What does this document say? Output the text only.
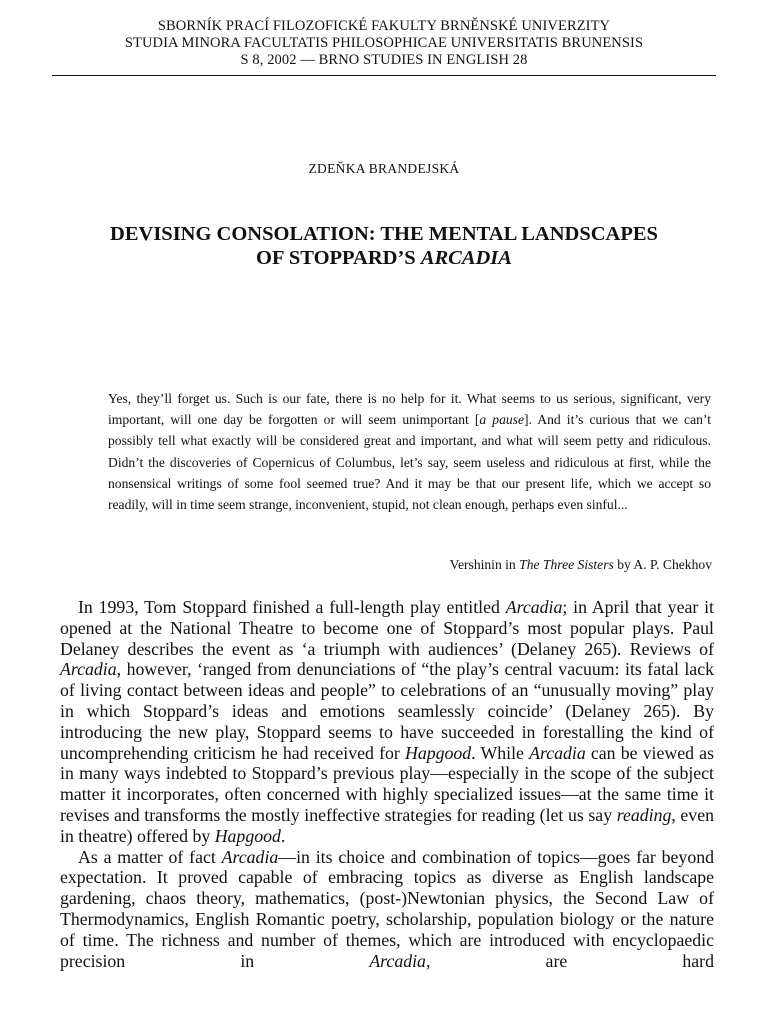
SBORNÍK PRACÍ FILOZOFICKÉ FAKULTY BRNĚNSKÉ UNIVERZITY
STUDIA MINORA FACULTATIS PHILOSOPHICAE UNIVERSITATIS BRUNENSIS
S 8, 2002 — BRNO STUDIES IN ENGLISH 28
ZDEŇKA BRANDEJSKÁ
DEVISING CONSOLATION: THE MENTAL LANDSCAPES
OF STOPPARD’S ARCADIA
Yes, they’ll forget us. Such is our fate, there is no help for it. What seems to us serious, significant, very important, will one day be forgotten or will seem unimportant [a pause]. And it’s curious that we can’t possibly tell what exactly will be considered great and important, and what will seem petty and ridiculous. Didn’t the discoveries of Copernicus of Columbus, let’s say, seem useless and ridiculous at first, while the nonsensical writings of some fool seemed true? And it may be that our present life, which we accept so readily, will in time seem strange, inconvenient, stupid, not clean enough, perhaps even sinful...
Vershinin in The Three Sisters by A. P. Chekhov

In 1993, Tom Stoppard finished a full-length play entitled Arcadia; in April that year it opened at the National Theatre to become one of Stoppard’s most popular plays. Paul Delaney describes the event as ‘a triumph with audiences’ (Delaney 265). Reviews of Arcadia, however, ‘ranged from denunciations of “the play’s central vacuum: its fatal lack of living contact between ideas and people” to celebrations of an “unusually moving” play in which Stoppard’s ideas and emotions seamlessly coincide’ (Delaney 265). By introducing the new play, Stoppard seems to have succeeded in forestalling the kind of uncomprehending criticism he had received for Hapgood. While Arcadia can be viewed as in many ways indebted to Stoppard’s previous play—especially in the scope of the subject matter it incorporates, often concerned with highly specialized issues—at the same time it revises and transforms the mostly ineffective strategies for reading (let us say reading, even in theatre) offered by Hapgood.

As a matter of fact Arcadia—in its choice and combination of topics—goes far beyond expectation. It proved capable of embracing topics as diverse as English landscape gardening, chaos theory, mathematics, (post-)Newtonian physics, the Second Law of Thermodynamics, English Romantic poetry, scholarship, population biology or the nature of time. The richness and number of themes, which are introduced with encyclopaedic precision in Arcadia, are hard
